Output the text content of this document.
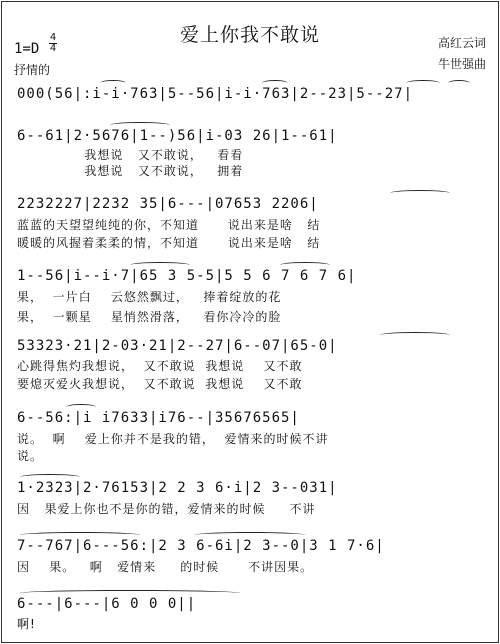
爱上你我不敢说
1=D
4
4
抒情的
高红云词
牛世强曲
000(56|:i-i·763|5--56|i-i·763|2--23|5--27|
6--61|2·5676|1--)56|i-03 26|1--61|
我想说   又不敢说，   看看
我想说   又不敢说，   拥着
2232227|2232 35|6---|07653 2206|
蓝蓝的天望望纯纯的你，不知道      说出来是啥   结
暖暖的风握着柔柔的情，不知道      说出来是啥   结
1--56|i--i·7|65 3 5-5|5 5 6 7 6 7 6|
果，  一片白    云悠然飘过，   捧着绽放的花
果，  一颗星    星悄然滑落，   看你冷冷的脸
53323·21|2-03·21|2--27|6--07|65-0|
心跳得焦灼我想说，  又不敢说  我想说    又不敢
要熄灭爱火我想说，  又不敢说  我想说    又不敢
6--56:|i i7633|i76--|35676565|
说。  啊    爱上你并不是我的错，  爱情来的时候不讲
说。
1·2323|2·76153|2 2 3 6·i|2 3--031|
因   果爱上你也不是你的错，爱情来的时候     不讲
7--767|6---56:|2 3 6-6i|2 3--0|3 1 7·6|
因    果。   啊   爱情来     的时候      不讲因果。
6---|6---|6 0 0 0||
啊!
